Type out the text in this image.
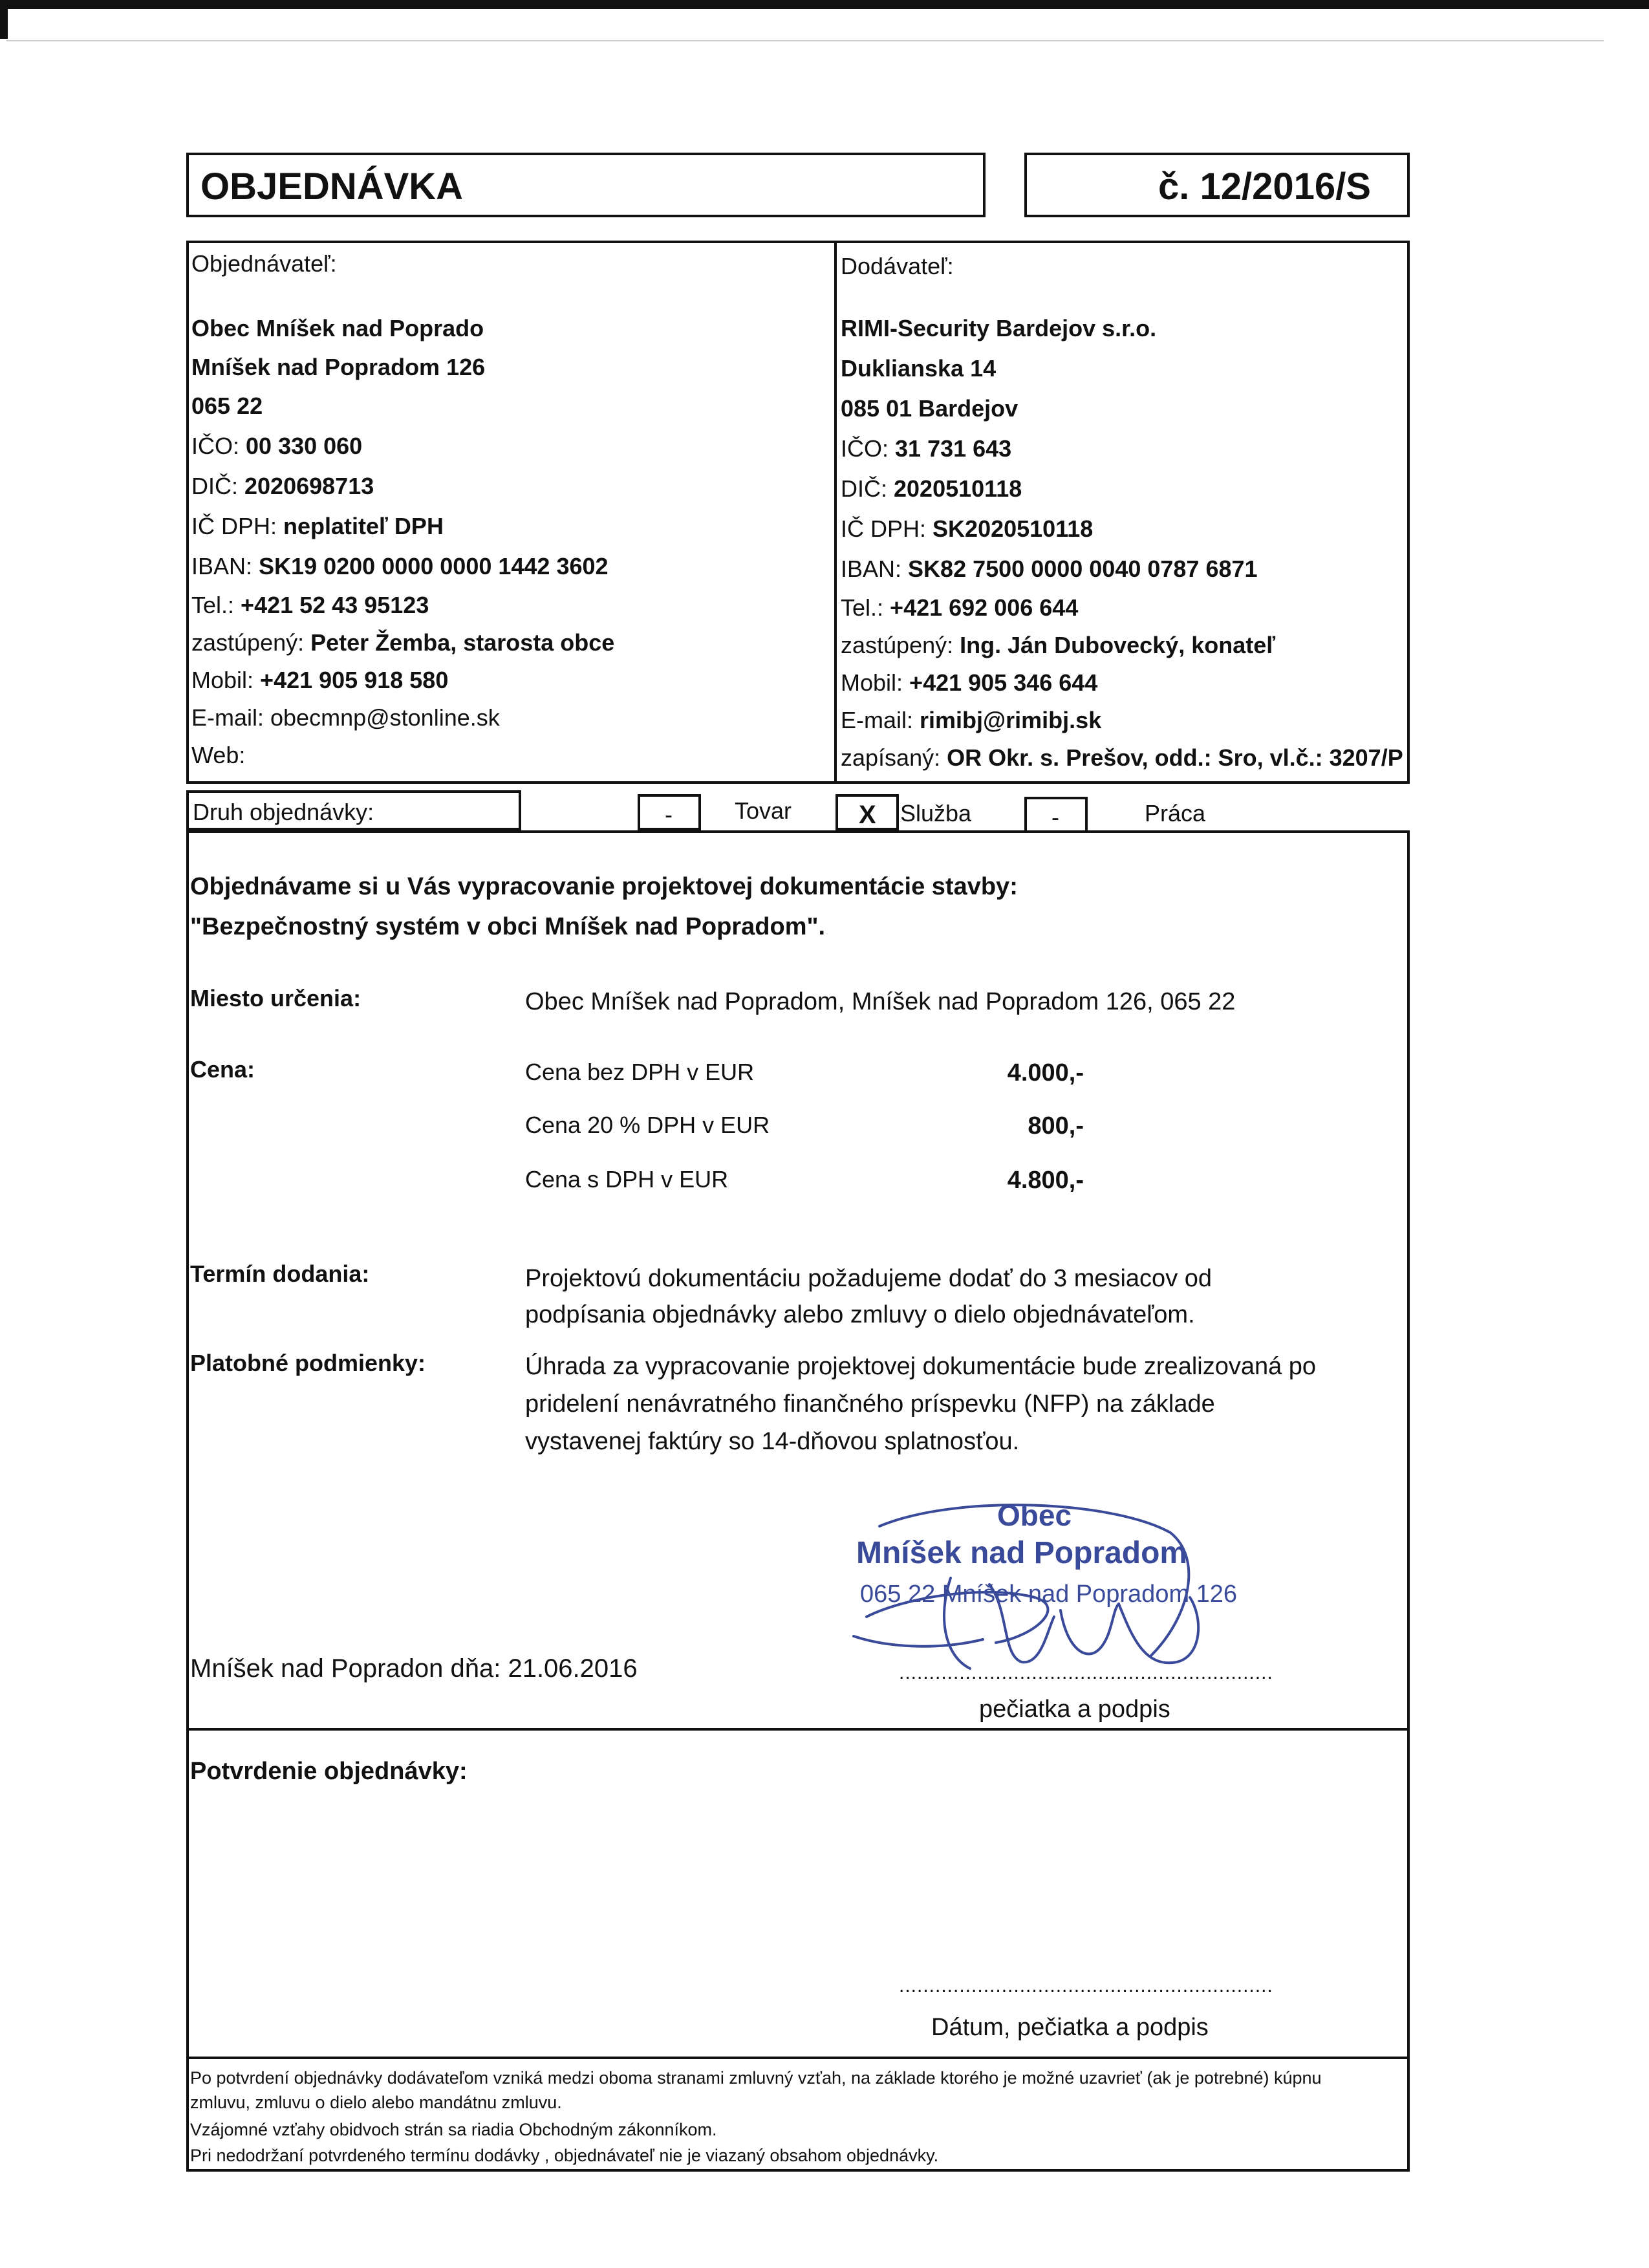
OBJEDNÁVKA	č. 12/2016/S
Objednávateľ:
Obec Mníšek nad Poprado
Mníšek nad Popradom 126
065 22
IČO: 00 330 060
DIČ: 2020698713
IČ DPH: neplatiteľ DPH
IBAN: SK19 0200 0000 0000 1442 3602
Tel.: +421 52 43 95123
zastúpený: Peter Žemba, starosta obce
Mobil: +421 905 918 580
E-mail: obecmnp@stonline.sk
Web:
Dodávateľ:
RIMI-Security Bardejov s.r.o.
Duklianska 14
085 01 Bardejov
IČO: 31 731 643
DIČ: 2020510118
IČ DPH: SK2020510118
IBAN: SK82 7500 0000 0040 0787 6871
Tel.: +421 692 006 644
zastúpený: Ing. Ján Dubovecký, konateľ
Mobil: +421 905 346 644
E-mail: rimibj@rimibj.sk
zapísaný: OR Okr. s. Prešov, odd.: Sro, vl.č.: 3207/P
Druh objednávky:	-	Tovar	X Služba	-	Práca
Objednávame si u Vás vypracovanie projektovej dokumentácie stavby:
"Bezpečnostný systém v obci Mníšek nad Popradom".
Miesto určenia:	Obec Mníšek nad Popradom, Mníšek nad Popradom 126, 065 22
Cena:	Cena bez DPH v EUR	4.000,-
Cena 20 % DPH v EUR	800,-
Cena s DPH v EUR	4.800,-
Termín dodania:	Projektovú dokumentáciu požadujeme dodať do 3 mesiacov od
podpísania objednávky alebo zmluvy o dielo objednávateľom.
Platobné podmienky:	Úhrada za vypracovanie projektovej dokumentácie bude zrealizovaná po
pridelení nenávratného finančného príspevku (NFP) na základe
vystavenej faktúry so 14-dňovou splatnosťou.
Obec
Mníšek nad Popradom
065 22 Mníšek nad Popradom 126
Mníšek nad Popradon dňa: 21.06.2016	..............................................................
pečiatka a podpis
Potvrdenie objednávky:
..............................................................
Dátum, pečiatka a podpis
Po potvrdení objednávky dodávateľom vzniká medzi oboma stranami zmluvný vzťah, na základe ktorého je možné uzavrieť (ak je potrebné) kúpnu
zmluvu, zmluvu o dielo alebo mandátnu zmluvu.
Vzájomné vzťahy obidvoch strán sa riadia Obchodným zákonníkom.
Pri nedodržaní potvrdeného termínu dodávky , objednávateľ nie je viazaný obsahom objednávky.
